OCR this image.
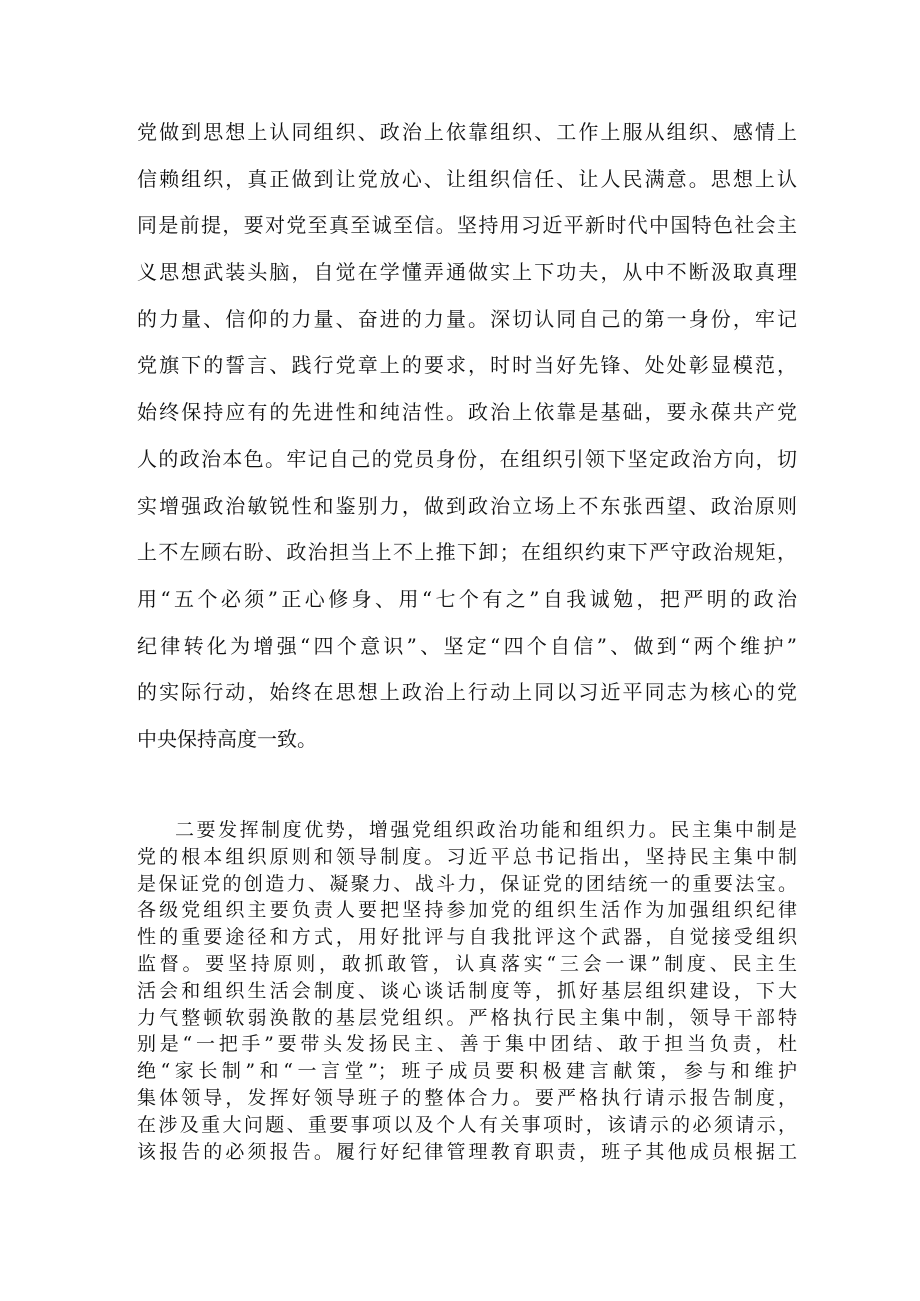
党做到思想上认同组织、政治上依靠组织、工作上服从组织、感情上
信赖组织，真正做到让党放心、让组织信任、让人民满意。思想上认
同是前提，要对党至真至诚至信。坚持用习近平新时代中国特色社会主
义思想武装头脑，自觉在学懂弄通做实上下功夫，从中不断汲取真理
的力量、信仰的力量、奋进的力量。深切认同自己的第一身份，牢记
党旗下的誓言、践行党章上的要求，时时当好先锋、处处彰显模范，
始终保持应有的先进性和纯洁性。政治上依靠是基础，要永葆共产党
人的政治本色。牢记自己的党员身份，在组织引领下坚定政治方向，切
实增强政治敏锐性和鉴别力，做到政治立场上不东张西望、政治原则
上不左顾右盼、政治担当上不上推下卸；在组织约束下严守政治规矩，
用“五个必须”正心修身、用“七个有之”自我诚勉，把严明的政治
纪律转化为增强“四个意识”、坚定“四个自信”、做到“两个维护”
的实际行动，始终在思想上政治上行动上同以习近平同志为核心的党
中央保持高度一致。
二要发挥制度优势，增强党组织政治功能和组织力。民主集中制是
党的根本组织原则和领导制度。习近平总书记指出，坚持民主集中制
是保证党的创造力、凝聚力、战斗力，保证党的团结统一的重要法宝。
各级党组织主要负责人要把坚持参加党的组织生活作为加强组织纪律
性的重要途径和方式，用好批评与自我批评这个武器，自觉接受组织
监督。要坚持原则，敢抓敢管，认真落实“三会一课”制度、民主生
活会和组织生活会制度、谈心谈话制度等，抓好基层组织建设，下大
力气整顿软弱涣散的基层党组织。严格执行民主集中制，领导干部特
别是“一把手”要带头发扬民主、善于集中团结、敢于担当负责，杜
绝“家长制”和“一言堂”；班子成员要积极建言献策，参与和维护
集体领导，发挥好领导班子的整体合力。要严格执行请示报告制度，
在涉及重大问题、重要事项以及个人有关事项时，该请示的必须请示，
该报告的必须报告。履行好纪律管理教育职责，班子其他成员根据工
